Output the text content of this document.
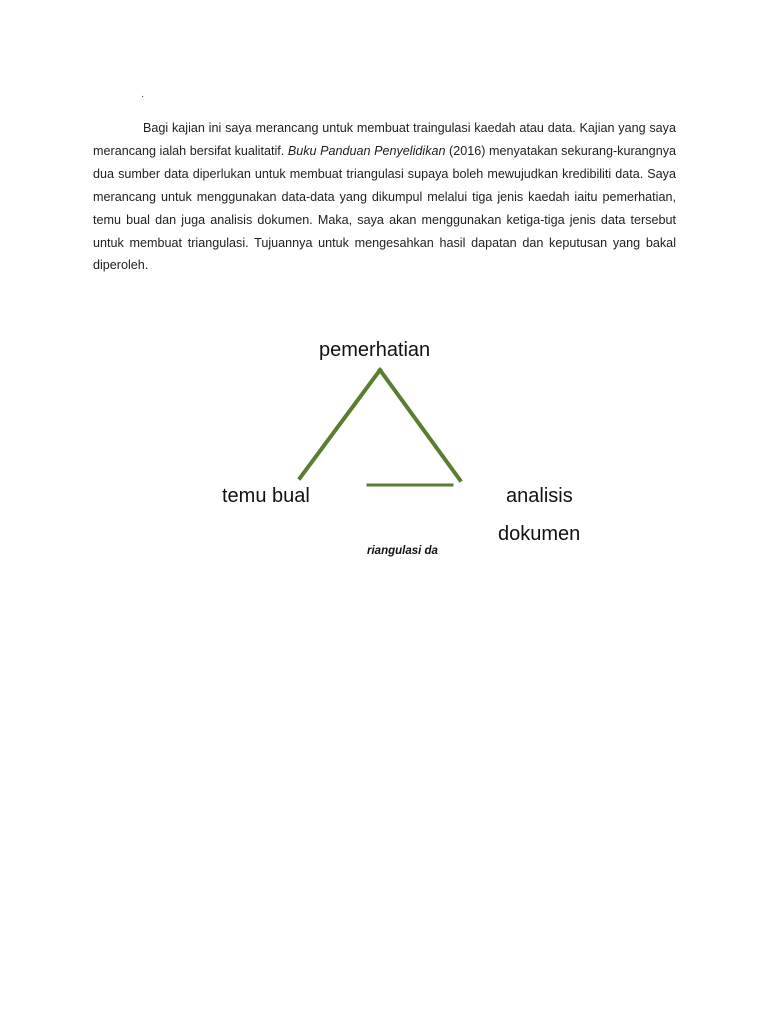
·

Bagi kajian ini saya merancang untuk membuat traingulasi kaedah atau data. Kajian yang saya merancang ialah bersifat kualitatif. Buku Panduan Penyelidikan (2016) menyatakan sekurang-kurangnya dua sumber data diperlukan untuk membuat triangulasi supaya boleh mewujudkan kredibiliti data. Saya merancang untuk menggunakan data-data yang dikumpul melalui tiga jenis kaedah iaitu pemerhatian, temu bual dan juga analisis dokumen. Maka, saya akan menggunakan ketiga-tiga jenis data tersebut untuk membuat triangulasi. Tujuannya untuk mengesahkan hasil dapatan dan keputusan yang bakal diperoleh.

pemerhatian
temu bual	analisis
dokumen
riangulasi da
